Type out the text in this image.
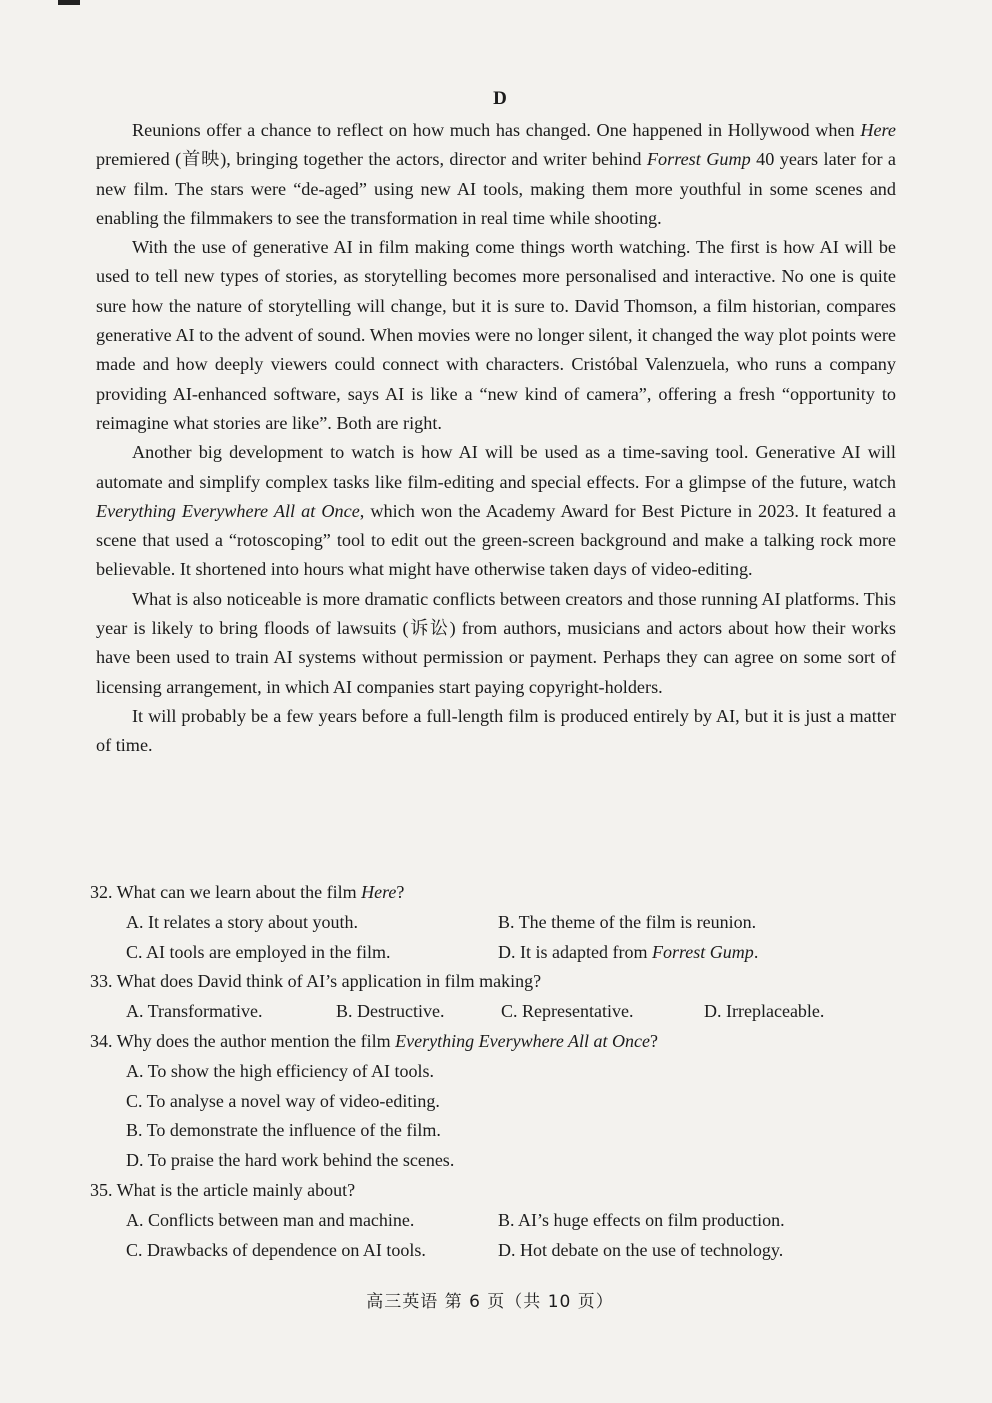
D

Reunions offer a chance to reflect on how much has changed. One happened in Hollywood when Here premiered (首映), bringing together the actors, director and writer behind Forrest Gump 40 years later for a new film. The stars were “de-aged” using new AI tools, making them more youthful in some scenes and enabling the filmmakers to see the transformation in real time while shooting.

With the use of generative AI in film making come things worth watching. The first is how AI will be used to tell new types of stories, as storytelling becomes more personalised and interactive. No one is quite sure how the nature of storytelling will change, but it is sure to. David Thomson, a film historian, compares generative AI to the advent of sound. When movies were no longer silent, it changed the way plot points were made and how deeply viewers could connect with characters. Cristóbal Valenzuela, who runs a company providing AI-enhanced software, says AI is like a “new kind of camera”, offering a fresh “opportunity to reimagine what stories are like”. Both are right.

Another big development to watch is how AI will be used as a time-saving tool. Generative AI will automate and simplify complex tasks like film-editing and special effects. For a glimpse of the future, watch Everything Everywhere All at Once, which won the Academy Award for Best Picture in 2023. It featured a scene that used a “rotoscoping” tool to edit out the green-screen background and make a talking rock more believable. It shortened into hours what might have otherwise taken days of video-editing.

What is also noticeable is more dramatic conflicts between creators and those running AI platforms. This year is likely to bring floods of lawsuits (诉讼) from authors, musicians and actors about how their works have been used to train AI systems without permission or payment. Perhaps they can agree on some sort of licensing arrangement, in which AI companies start paying copyright-holders.

It will probably be a few years before a full-length film is produced entirely by AI, but it is just a matter of time.

32. What can we learn about the film Here?

A. It relates a story about youth.	B. The theme of the film is reunion.
C. AI tools are employed in the film.	D. It is adapted from Forrest Gump.

33. What does David think of AI’s application in film making?

A. Transformative.	B. Destructive.	C. Representative.	D. Irreplaceable.

34. Why does the author mention the film Everything Everywhere All at Once?

A. To show the high efficiency of AI tools.
C. To analyse a novel way of video-editing.
B. To demonstrate the influence of the film.
D. To praise the hard work behind the scenes.

35. What is the article mainly about?

A. Conflicts between man and machine.	B. AI’s huge effects on film production.
C. Drawbacks of dependence on AI tools.	D. Hot debate on the use of technology.
高三英语 第 6 页（共 10 页）
